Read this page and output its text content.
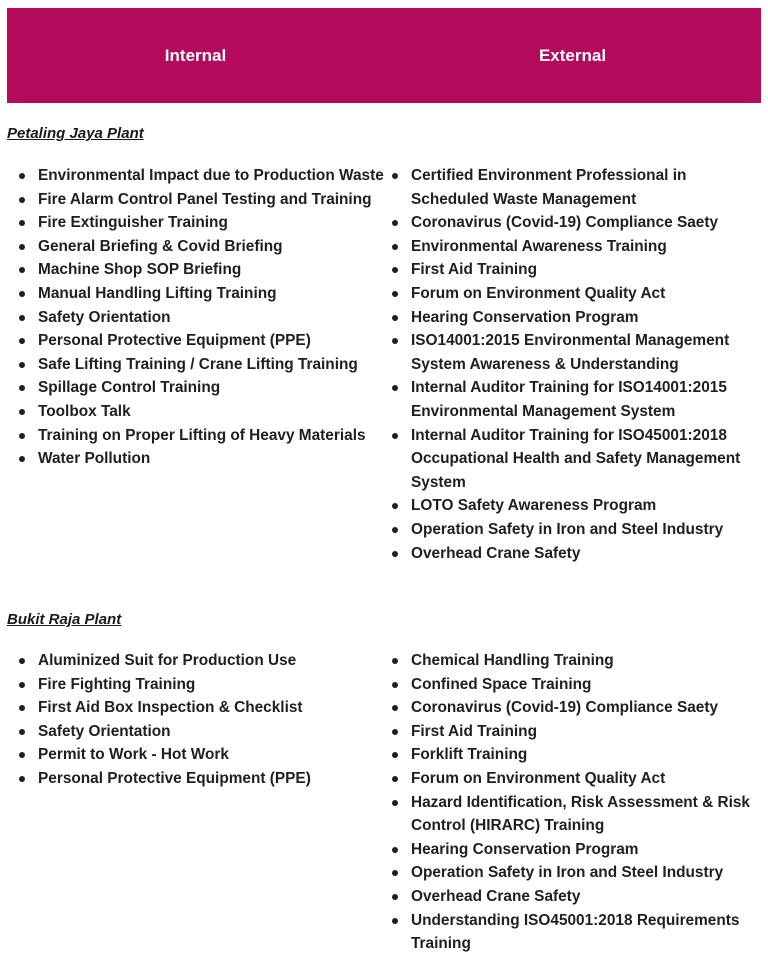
Internal	External
Petaling Jaya Plant
Environmental Impact due to Production Waste
Fire Alarm Control Panel Testing and Training
Fire Extinguisher Training
General Briefing & Covid Briefing
Machine Shop SOP Briefing
Manual Handling Lifting Training
Safety Orientation
Personal Protective Equipment (PPE)
Safe Lifting Training / Crane Lifting Training
Spillage Control Training
Toolbox Talk
Training on Proper Lifting of Heavy Materials
Water Pollution
Certified Environment Professional in Scheduled Waste Management
Coronavirus (Covid-19) Compliance Saety
Environmental Awareness Training
First Aid Training
Forum on Environment Quality Act
Hearing Conservation Program
ISO14001:2015 Environmental Management System Awareness & Understanding
Internal Auditor Training for ISO14001:2015 Environmental Management System
Internal Auditor Training for ISO45001:2018 Occupational Health and Safety Management System
LOTO Safety Awareness Program
Operation Safety in Iron and Steel Industry
Overhead Crane Safety
Bukit Raja Plant
Aluminized Suit for Production Use
Fire Fighting Training
First Aid Box Inspection & Checklist
Safety Orientation
Permit to Work - Hot Work
Personal Protective Equipment (PPE)
Chemical Handling Training
Confined Space Training
Coronavirus (Covid-19) Compliance Saety
First Aid Training
Forklift Training
Forum on Environment Quality Act
Hazard Identification, Risk Assessment & Risk Control (HIRARC) Training
Hearing Conservation Program
Operation Safety in Iron and Steel Industry
Overhead Crane Safety
Understanding ISO45001:2018 Requirements Training
